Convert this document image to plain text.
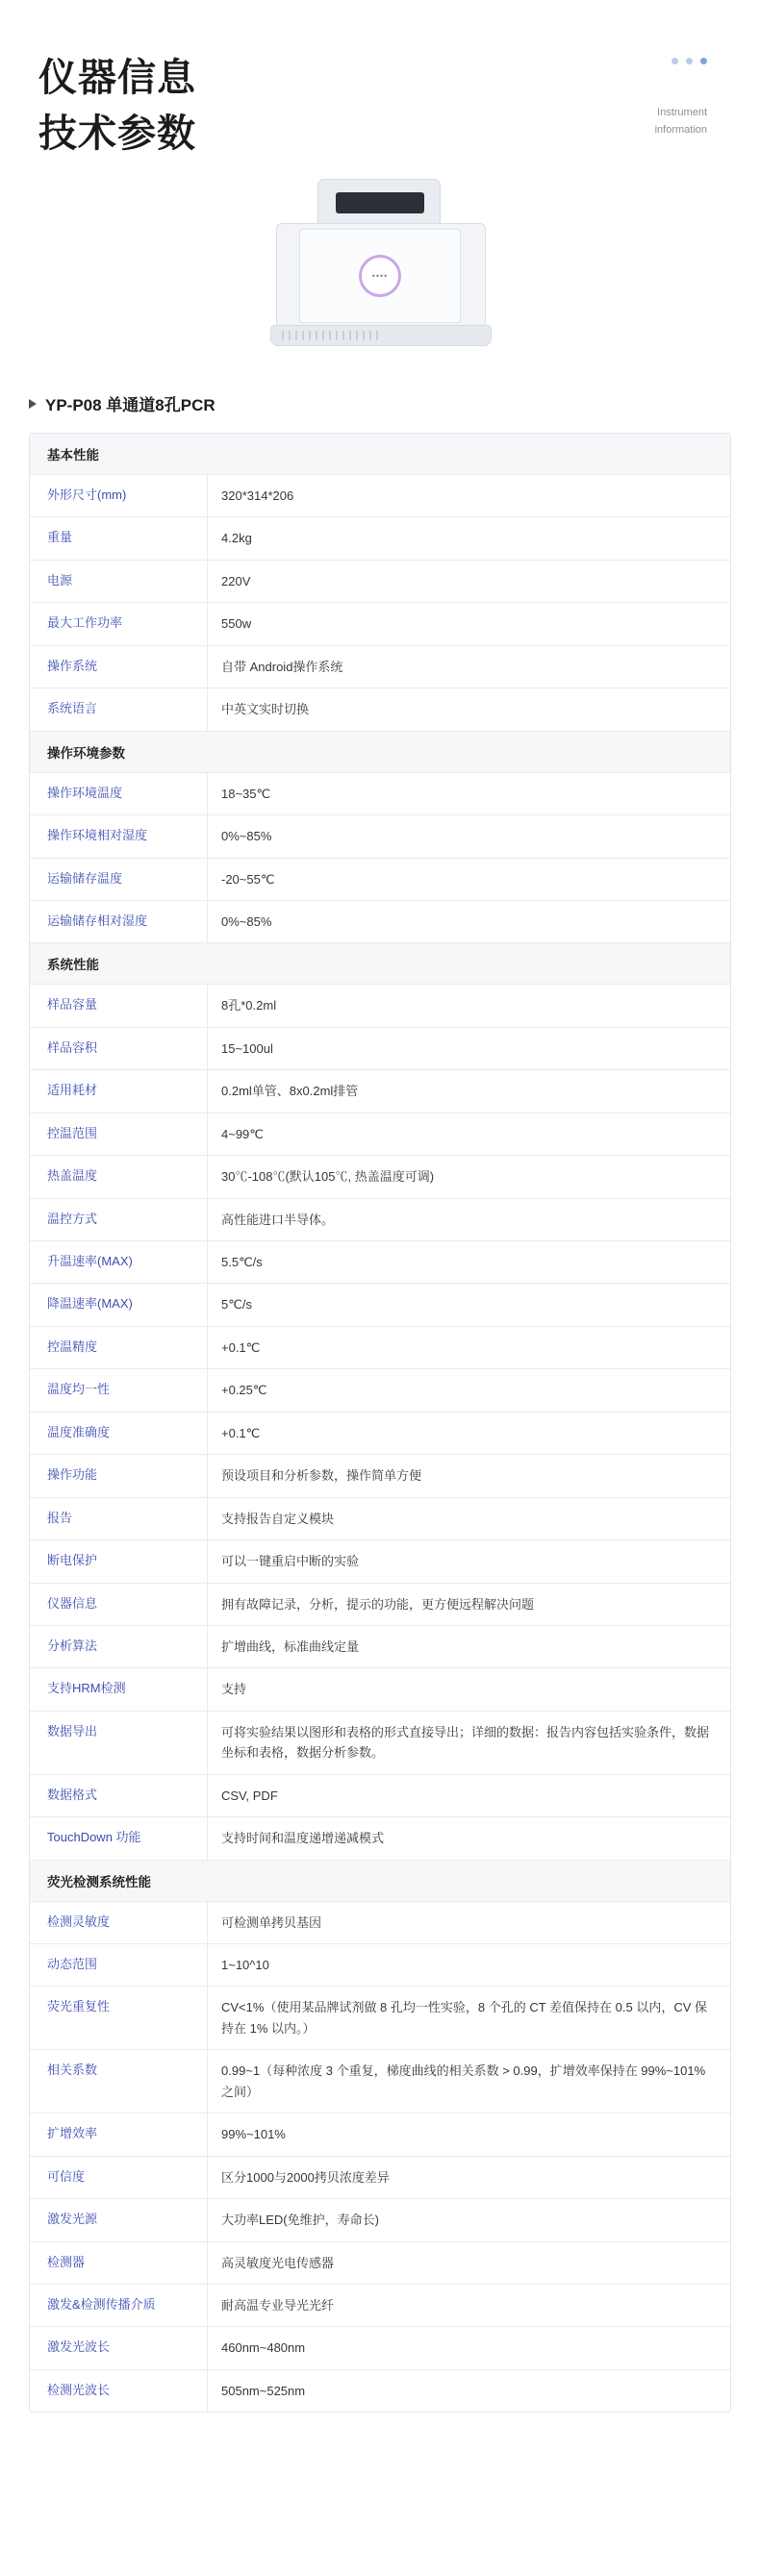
仪器信息
技术参数	Instrument
information
••••
YP-P08 单通道8孔PCR
基本性能
外形尺寸(mm)	320*314*206
重量	4.2kg
电源	220V
最大工作功率	550w
操作系统	自带 Android操作系统
系统语言	中英文实时切换
操作环境参数
操作环境温度	18~35℃
操作环境相对湿度	0%~85%
运输储存温度	-20~55℃
运输储存相对湿度	0%~85%
系统性能
样品容量	8孔*0.2ml
样品容积	15~100ul
适用耗材	0.2ml单管、8x0.2ml排管
控温范围	4~99℃
热盖温度	30℃-108℃(默认105℃, 热盖温度可调)
温控方式	高性能进口半导体。
升温速率(MAX)	5.5℃/s
降温速率(MAX)	5℃/s
控温精度	+0.1℃
温度均一性	+0.25℃
温度准确度	+0.1℃
操作功能	预设项目和分析参数，操作简单方便
报告	支持报告自定义模块
断电保护	可以一键重启中断的实验
仪器信息	拥有故障记录，分析，提示的功能，更方便远程解决问题
分析算法	扩增曲线，标准曲线定量
支持HRM检测	支持
数据导出	可将实验结果以图形和表格的形式直接导出；详细的数据：报告内容包括实验条件，数据坐标和表格，数据分析参数。
数据格式	CSV, PDF
TouchDown 功能	支持时间和温度递增递减模式
荧光检测系统性能
检测灵敏度	可检测单拷贝基因
动态范围	1~10^10
荧光重复性	CV<1%（使用某品牌试剂做 8 孔均一性实验，8 个孔的 CT 差值保持在 0.5 以内，CV 保持在 1% 以内。）
相关系数	0.99~1（每种浓度 3 个重复，梯度曲线的相关系数 > 0.99，扩增效率保持在 99%~101% 之间）
扩增效率	99%~101%
可信度	区分1000与2000拷贝浓度差异
激发光源	大功率LED(免维护，寿命长)
检测器	高灵敏度光电传感器
激发&检测传播介质	耐高温专业导光光纤
激发光波长	460nm~480nm
检测光波长	505nm~525nm
